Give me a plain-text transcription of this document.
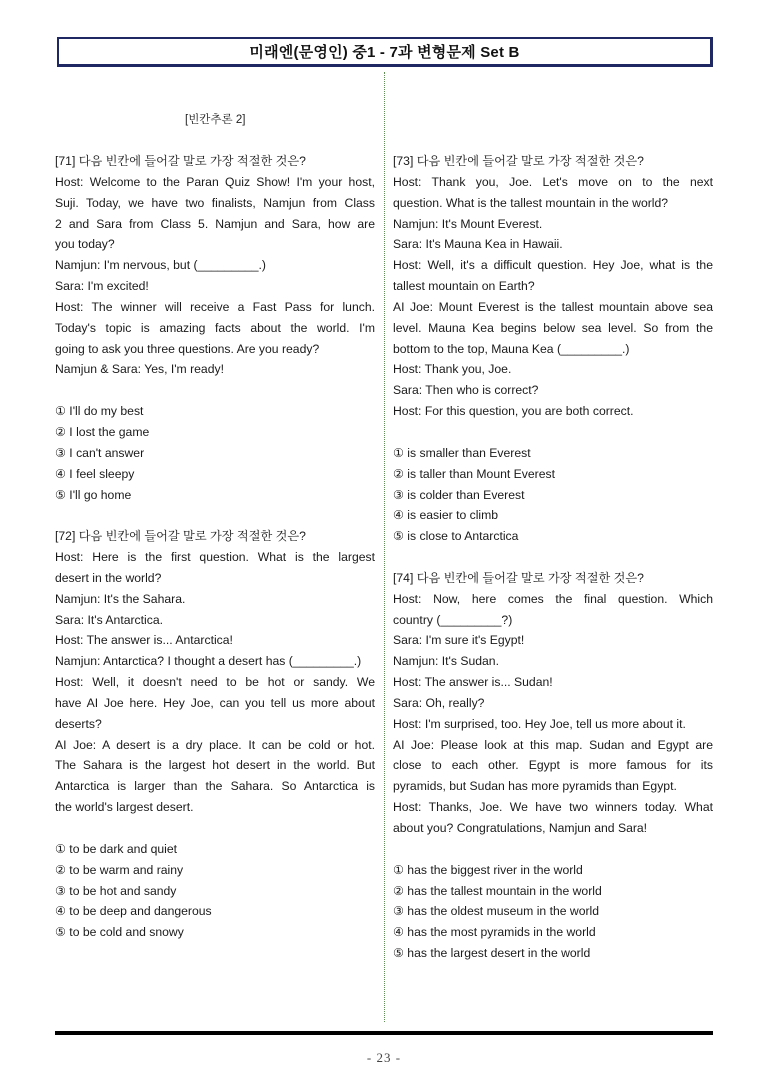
미래엔(문영인) 중1 - 7과 변형문제 Set B
[빈칸추론 2]
[71] 다음 빈칸에 들어갈 말로 가장 적절한 것은?
Host: Welcome to the Paran Quiz Show! I'm your host,
Suji. Today, we have two finalists, Namjun from Class
2 and Sara from Class 5. Namjun and Sara, how are
you today?
Namjun: I'm nervous, but (_________.)
Sara: I'm excited!
Host: The winner will receive a Fast Pass for lunch.
Today's topic is amazing facts about the world. I'm
going to ask you three questions. Are you ready?
Namjun & Sara: Yes, I'm ready!
① I'll do my best
② I lost the game
③ I can't answer
④ I feel sleepy
⑤ I'll go home
[72] 다음 빈칸에 들어갈 말로 가장 적절한 것은?
Host: Here is the first question. What is the largest
desert in the world?
Namjun: It's the Sahara.
Sara: It's Antarctica.
Host: The answer is... Antarctica!
Namjun: Antarctica? I thought a desert has (_________.)
Host: Well, it doesn't need to be hot or sandy. We
have AI Joe here. Hey Joe, can you tell us more about
deserts?
AI Joe: A desert is a dry place. It can be cold or hot.
The Sahara is the largest hot desert in the world. But
Antarctica is larger than the Sahara. So Antarctica is
the world's largest desert.
① to be dark and quiet
② to be warm and rainy
③ to be hot and sandy
④ to be deep and dangerous
⑤ to be cold and snowy
[73] 다음 빈칸에 들어갈 말로 가장 적절한 것은?
Host: Thank you, Joe. Let's move on to the next
question. What is the tallest mountain in the world?
Namjun: It's Mount Everest.
Sara: It's Mauna Kea in Hawaii.
Host: Well, it's a difficult question. Hey Joe, what is the
tallest mountain on Earth?
AI Joe: Mount Everest is the tallest mountain above sea
level. Mauna Kea begins below sea level. So from the
bottom to the top, Mauna Kea (_________.)
Host: Thank you, Joe.
Sara: Then who is correct?
Host: For this question, you are both correct.
① is smaller than Everest
② is taller than Mount Everest
③ is colder than Everest
④ is easier to climb
⑤ is close to Antarctica
[74] 다음 빈칸에 들어갈 말로 가장 적절한 것은?
Host: Now, here comes the final question. Which
country (_________?)
Sara: I'm sure it's Egypt!
Namjun: It's Sudan.
Host: The answer is... Sudan!
Sara: Oh, really?
Host: I'm surprised, too. Hey Joe, tell us more about it.
AI Joe: Please look at this map. Sudan and Egypt are
close to each other. Egypt is more famous for its
pyramids, but Sudan has more pyramids than Egypt.
Host: Thanks, Joe. We have two winners today. What
about you? Congratulations, Namjun and Sara!
① has the biggest river in the world
② has the tallest mountain in the world
③ has the oldest museum in the world
④ has the most pyramids in the world
⑤ has the largest desert in the world
- 23 -
